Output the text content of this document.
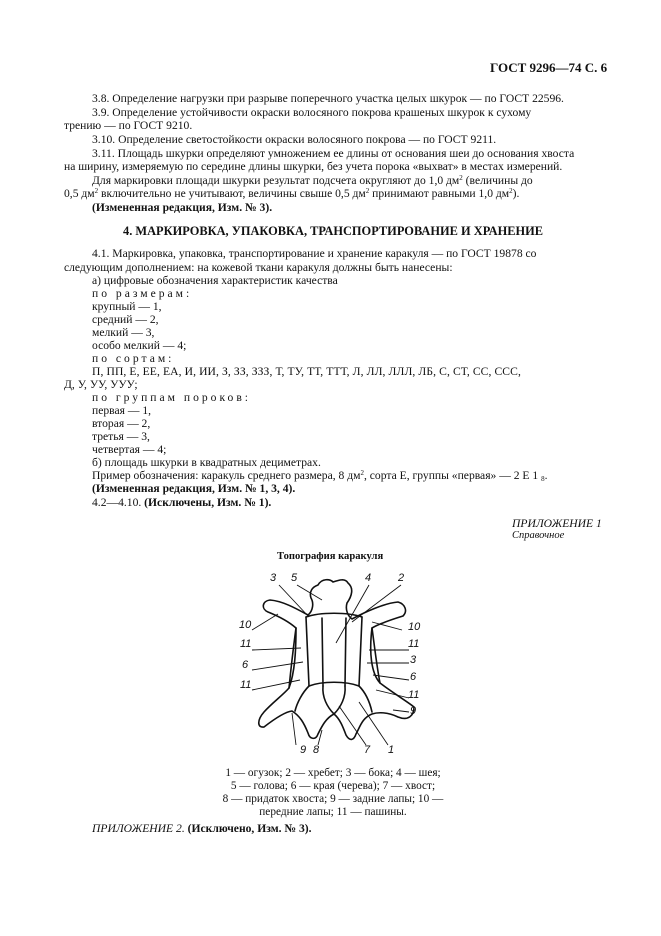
ГОСТ 9296—74 С. 6
3.8. Определение нагрузки при разрыве поперечного участка целых шкурок — по ГОСТ 22596.
3.9. Определение устойчивости окраски волосяного покрова крашеных шкурок к сухому
трению — по ГОСТ 9210.
3.10. Определение светостойкости окраски волосяного покрова — по ГОСТ 9211.
3.11. Площадь шкурки определяют умножением ее длины от основания шеи до основания хвоста
на ширину, измеряемую по середине длины шкурки, без учета порока «выхват» в местах измерений.
Для маркировки площади шкурки результат подсчета округляют до 1,0 $дм^2$ (величины до
0,5 $дм^2$ включительно не учитывают, величины свыше 0,5 $дм^2$ принимают равными 1,0 $дм^2$).
(Измененная редакция, Изм. № 3).
4. МАРКИРОВКА, УПАКОВКА, ТРАНСПОРТИРОВАНИЕ И ХРАНЕНИЕ
4.1. Маркировка, упаковка, транспортирование и хранение каракуля — по ГОСТ 19878 со
следующим дополнением: на кожевой ткани каракуля должны быть нанесены:
а) цифровые обозначения характеристик качества
по размерам:
крупный — 1,
средний — 2,
мелкий — 3,
особо мелкий — 4;
по сортам:
П, ПП, Е, ЕЕ, ЕА, И, ИИ, З, ЗЗ, ЗЗЗ, Т, ТУ, ТТ, ТТТ, Л, ЛЛ, ЛЛЛ, ЛБ, С, СТ, СС, ССС,
Д, У, УУ, УУУ;
по группам пороков:
первая — 1,
вторая — 2,
третья — 3,
четвертая — 4;
б) площадь шкурки в квадратных дециметрах.
Пример обозначения: каракуль среднего размера, 8 $дм^2$, сорта Е, группы «первая» — 2 Е 1 $_8$.
(Измененная редакция, Изм. № 1, 3, 4).
4.2—4.10. (Исключены, Изм. № 1).
ПРИЛОЖЕНИЕ 1
Справочное
Топография каракуля
3 5	4 2
10	10
11	11
6	3
11
6
11
9
9 8	7 1
1 — огузок; 2 — хребет; 3 — бока; 4 — шея;
5 — голова; 6 — края (черева); 7 — хвост;
8 — придаток хвоста; 9 — задние лапы; 10 —
передние лапы; 11 — пашины.
ПРИЛОЖЕНИЕ 2. (Исключено, Изм. № 3).
